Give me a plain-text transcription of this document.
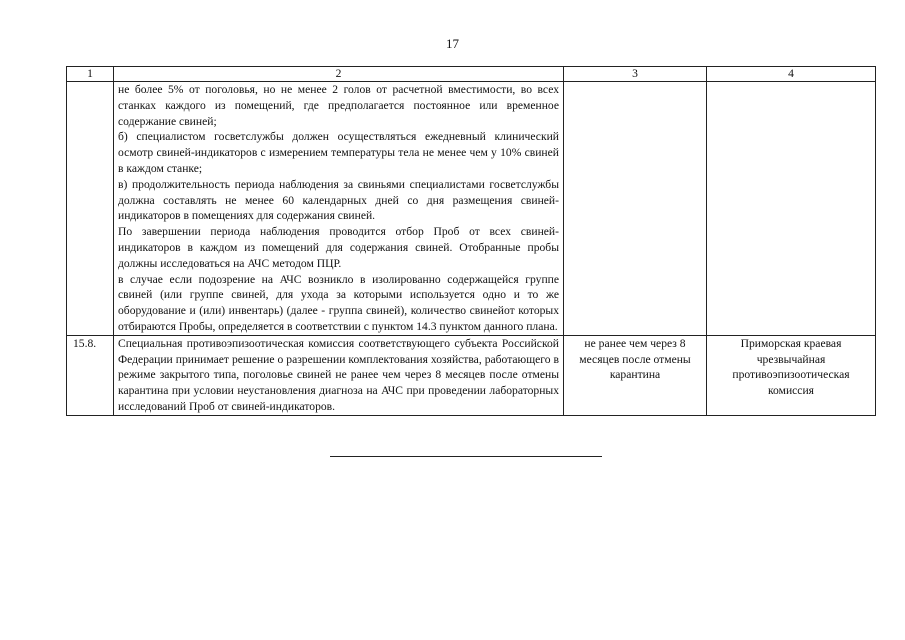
17
1	2	3	4

	не более 5% от поголовья, но не менее 2 голов от расчетной вместимости, во всех станках каждого из помещений, где предполагается постоянное или временное содержание свиней;

б) специалистом госветслужбы должен осуществляться ежедневный клинический осмотр свиней-индикаторов с измерением температуры тела не менее чем у 10% свиней в каждом станке;

в) продолжительность периода наблюдения за свиньями специалистами госветслужбы должна составлять не менее 60 календарных дней со дня размещения свиней-индикаторов в помещениях для содержания свиней.

По завершении периода наблюдения проводится отбор Проб от всех свиней-индикаторов в каждом из помещений для содержания свиней. Отобранные пробы должны исследоваться на АЧС методом ПЦР.

в случае если подозрение на АЧС возникло в изолированно содержащейся группе свиней (или группе свиней, для ухода за которыми используется одно и то же оборудование и (или) инвентарь) (далее - группа свиней), количество свинейот которых отбираются Пробы, определяется в соответствии с пунктом 14.3 пунктом данного плана.		

15.8.	Специальная противоэпизоотическая комиссия соответствующего субъекта Российской Федерации принимает решение о разрешении комплектования хозяйства, работающего в режиме закрытого типа, поголовье свиней не ранее чем через 8 месяцев после отмены карантина при условии неустановления диагноза на АЧС при проведении лабораторных исследований Проб от свиней-индикаторов.	не ранее чем через 8 месяцев после отмены карантина	Приморская краевая чрезвычайная противоэпизоотическая комиссия
